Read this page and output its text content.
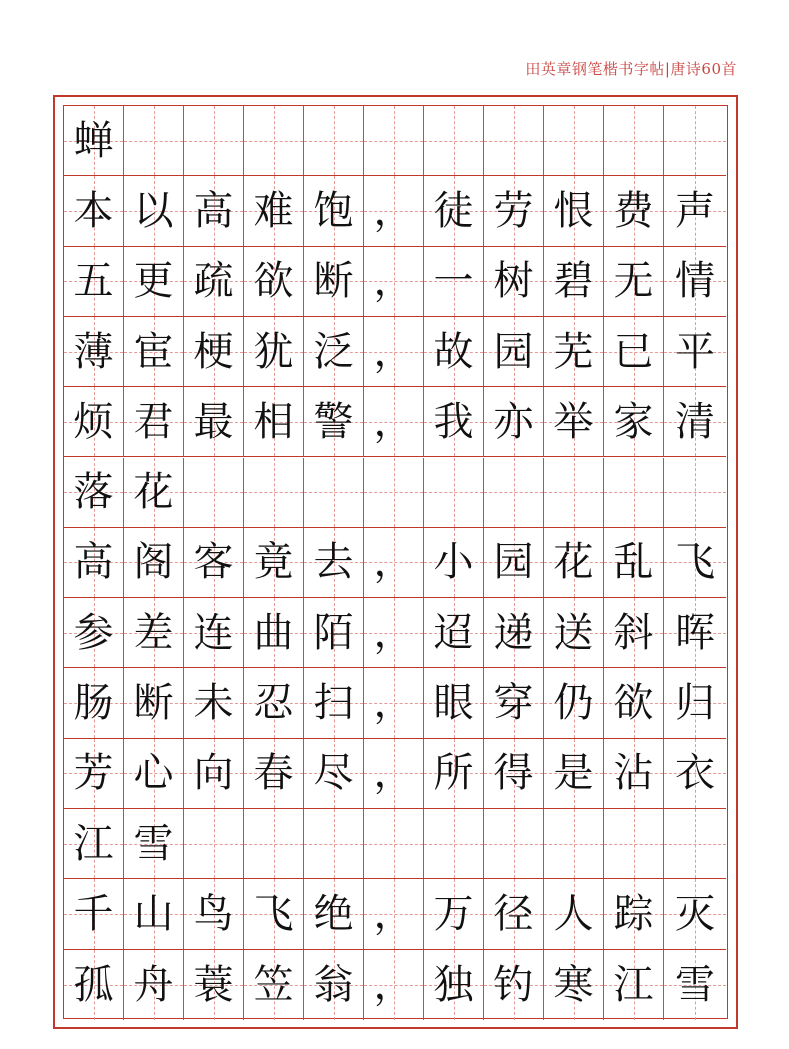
田英章钢笔楷书字帖|唐诗60首
蝉
本 以 高 难 饱 ， 徒 劳 恨 费 声
五 更 疏 欲 断 ， 一 树 碧 无 情
薄 宦 梗 犹 泛 ， 故 园 芜 已 平
烦 君 最 相 警 ， 我 亦 举 家 清
落 花
高 阁 客 竟 去 ， 小 园 花 乱 飞
参 差 连 曲 陌 ， 迢 递 送 斜 晖
肠 断 未 忍 扫 ， 眼 穿 仍 欲 归
芳 心 向 春 尽 ， 所 得 是 沾 衣
江 雪
千 山 鸟 飞 绝 ， 万 径 人 踪 灭
孤 舟 蓑 笠 翁 ， 独 钓 寒 江 雪
